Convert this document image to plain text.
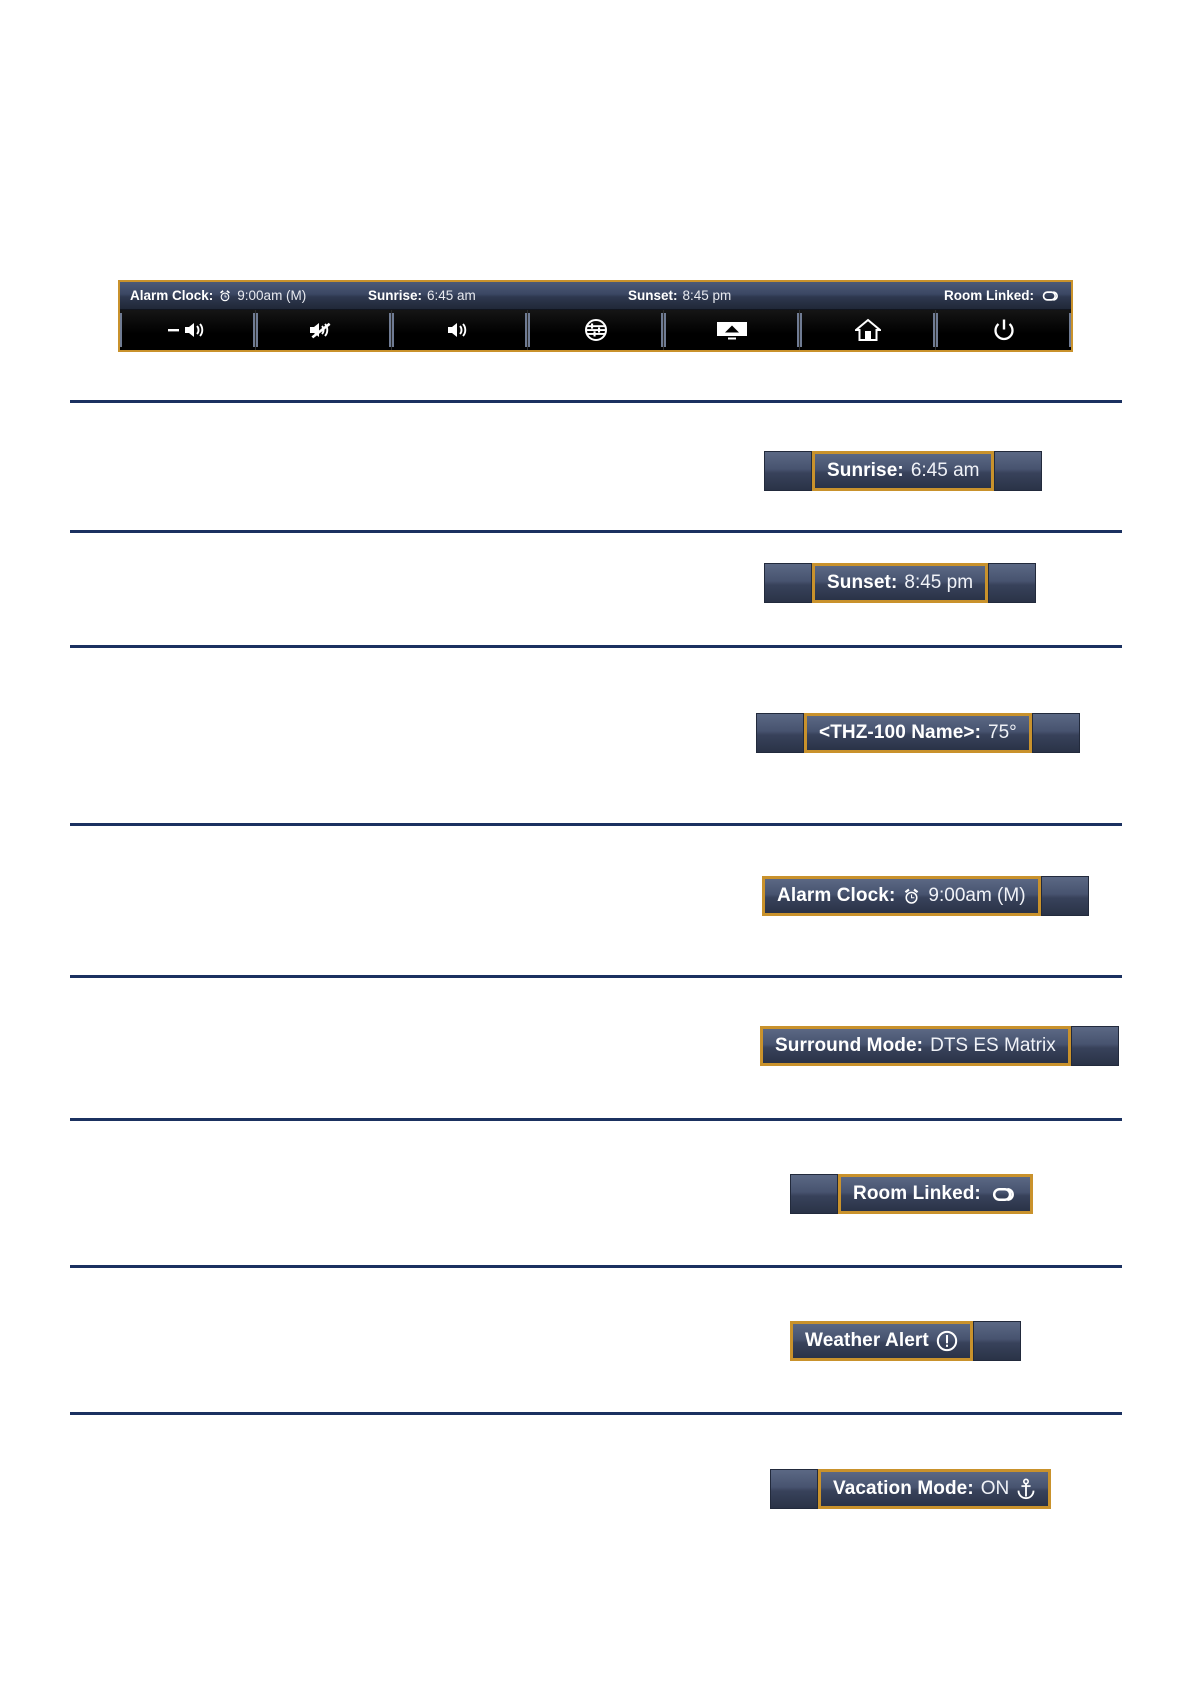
Alarm Clock: 9:00am (M)	Sunrise: 6:45 am	Sunset: 8:45 pm	Room Linked:
Sunrise: 6:45 am
Sunset: 8:45 pm
<THZ-100 Name>: 75°
Alarm Clock: 9:00am (M)
Surround Mode: DTS ES Matrix
Room Linked:
Weather Alert
Vacation Mode: ON
